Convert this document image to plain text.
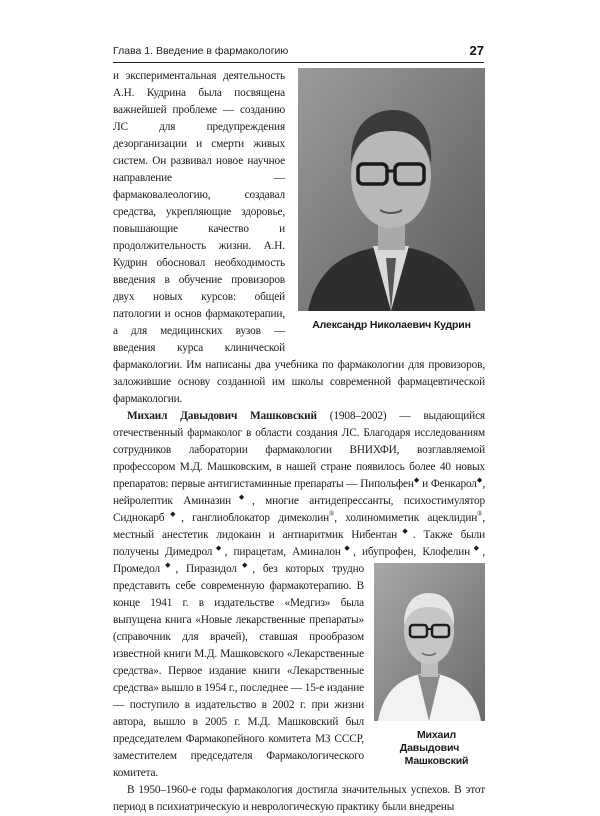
Глава 1. Введение в фармакологию	27
Александр Николаевич Кудрин

и экспериментальная деятельность А.Н. Кудрина была посвящена важнейшей проблеме — созданию ЛС для предупреждения дезорганизации и смерти живых систем. Он развивал новое научное направление — фармаковалеологию, создавал средства, укрепляющие здоровье, повышающие качество и продолжительность жизни. А.Н. Кудрин обосновал необходимость введения в обучение провизоров двух новых курсов: общей патологии и основ фармакотерапии, а для медицинских вузов — введения курса клинической фармакологии. Им написаны два учебника по фармакологии для провизоров, заложившие основу созданной им школы современной фармацевтической фармакологии.

Михаил Давыдович Машковский (1908–2002) — выдающийся отечественный фармаколог в области создания ЛС. Благодаря исследованиям сотрудников лаборатории фармакологии ВНИХФИ, возглавляемой профессором М.Д. Машковским, в нашей стране появилось более 40 новых препаратов: первые антигистаминные препараты — Пипольфен◆ и Фенкарол◆, нейролептик Аминазин◆, многие антидепрессанты, психостимулятор Сиднокарб◆, ганглиоблокатор димеколин®, холиномиметик ацеклидин®, местный анестетик лидокаин и антиаритмик Нибентан◆. Также были получены Димедрол◆, пирацетам, Аминалон◆, ибупрофен, Клофелин◆, Промедол◆, Пиразидол◆
Михаил Давыдович
Машковский
, без которых трудно представить себе современную фармакотерапию. В конце 1941 г. в издательстве «Медгиз» была выпущена книга «Новые лекарственные препараты» (справочник для врачей), ставшая прообразом известной книги М.Д. Машковского «Лекарственные средства». Первое издание книги «Лекарственные средства» вышло в 1954 г., последнее — 15-е издание — поступило в издательство в 2002 г. при жизни автора, вышло в 2005 г. М.Д. Машковский был председателем Фармакопейного комитета МЗ СССР, заместителем председателя Фармакологического комитета.

В 1950–1960-е годы фармакология достигла значительных успехов. В этот период в психиатрическую и неврологическую практику были внедрены
